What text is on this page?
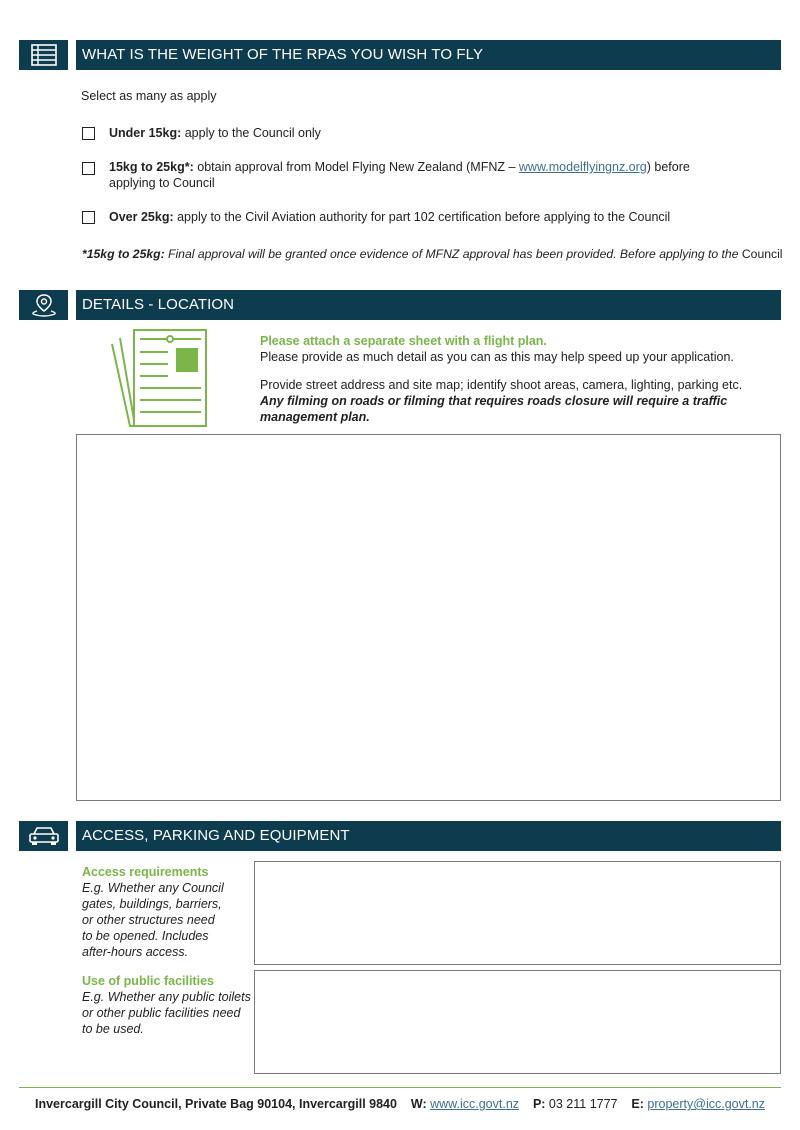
WHAT IS THE WEIGHT OF THE RPAS YOU WISH TO FLY
Select as many as apply
Under 15kg: apply to the Council only
15kg to 25kg*: obtain approval from Model Flying New Zealand (MFNZ – www.modelflyingnz.org) before
applying to Council
Over 25kg: apply to the Civil Aviation authority for part 102 certification before applying to the Council
*15kg to 25kg: Final approval will be granted once evidence of MFNZ approval has been provided. Before applying to the Council
DETAILS - LOCATION
Please attach a separate sheet with a flight plan.
Please provide as much detail as you can as this may help speed up your application.
Provide street address and site map; identify shoot areas, camera, lighting, parking etc.
Any filming on roads or filming that requires roads closure will require a traffic
management plan.
ACCESS, PARKING AND EQUIPMENT
Access requirements
E.g. Whether any Council
gates, buildings, barriers,
or other structures need
to be opened. Includes
after-hours access.
Use of public facilities
E.g. Whether any public toilets
or other public facilities need
to be used.
Invercargill City Council, Private Bag 90104, Invercargill 9840 W: www.icc.govt.nz P: 03 211 1777 E: property@icc.govt.nz
